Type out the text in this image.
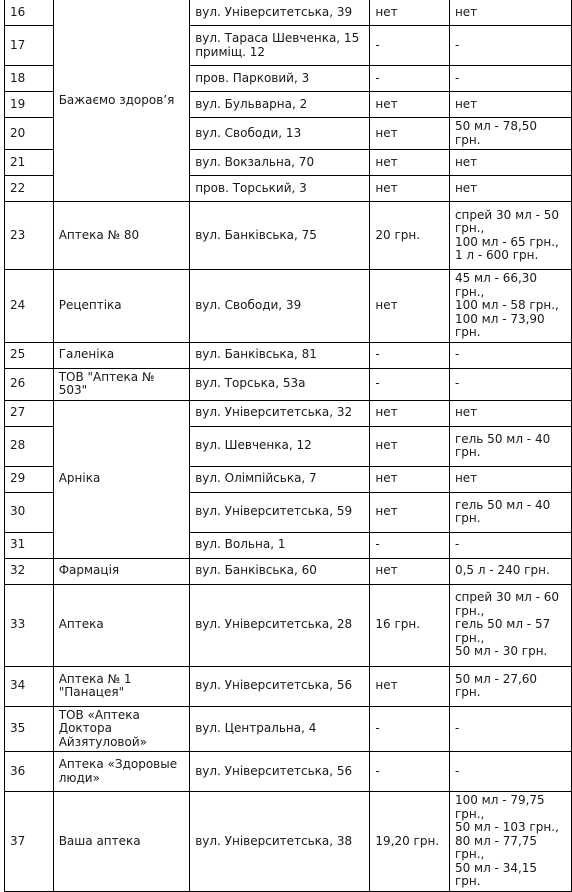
16	Бажаємо здоров’я	вул. Університетська, 39	нет	нет
17		вул. Тараса Шевченка, 15
приміщ. 12	-	-
18		пров. Парковий, 3	-	-
19		вул. Бульварна, 2	нет	нет
20		вул. Свободи, 13	нет	50 мл - 78,50 грн.
21		вул. Вокзальна, 70	нет	нет
22		пров. Торський, 3	нет	нет
23	Аптека № 80	вул. Банківська, 75	20 грн.	спрей 30 мл - 50
грн.,
100 мл - 65 грн.,
1 л - 600 грн.
24	Рецептіка	вул. Свободи, 39	нет	45 мл - 66,30 грн.,
100 мл - 58 грн.,
100 мл - 73,90 грн.
25	Галеніка	вул. Банківська, 81	-	-
26	ТОВ "Аптека № 503"	вул. Торська, 53а	-	-
27	Арніка	вул. Університетська, 32	нет	нет
28		вул. Шевченка, 12	нет	гель 50 мл - 40
грн.
29		вул. Олімпійська, 7	нет	нет
30		вул. Університетська, 59	нет	гель 50 мл - 40
грн.
31		вул. Вольна, 1	-	-
32	Фармація	вул. Банківська, 60	нет	0,5 л - 240 грн.
33	Аптека	вул. Університетська, 28	16 грн.	спрей 30 мл - 60
грн.,
гель 50 мл - 57
грн.,
50 мл - 30 грн.
34	Аптека № 1
"Панацея"	вул. Університетська, 56	нет	50 мл - 27,60 грн.
35	ТОВ «Аптека Доктора
Айзятуловой»	вул. Центральна, 4	-	-
36	Аптека «Здоровые
люди»	вул. Університетська, 56	-	-
37	Ваша аптека	вул. Університетська, 38	19,20 грн.	100 мл - 79,75
грн.,
50 мл - 103 грн.,
80 мл - 77,75 грн.,
50 мл - 34,15 грн.
